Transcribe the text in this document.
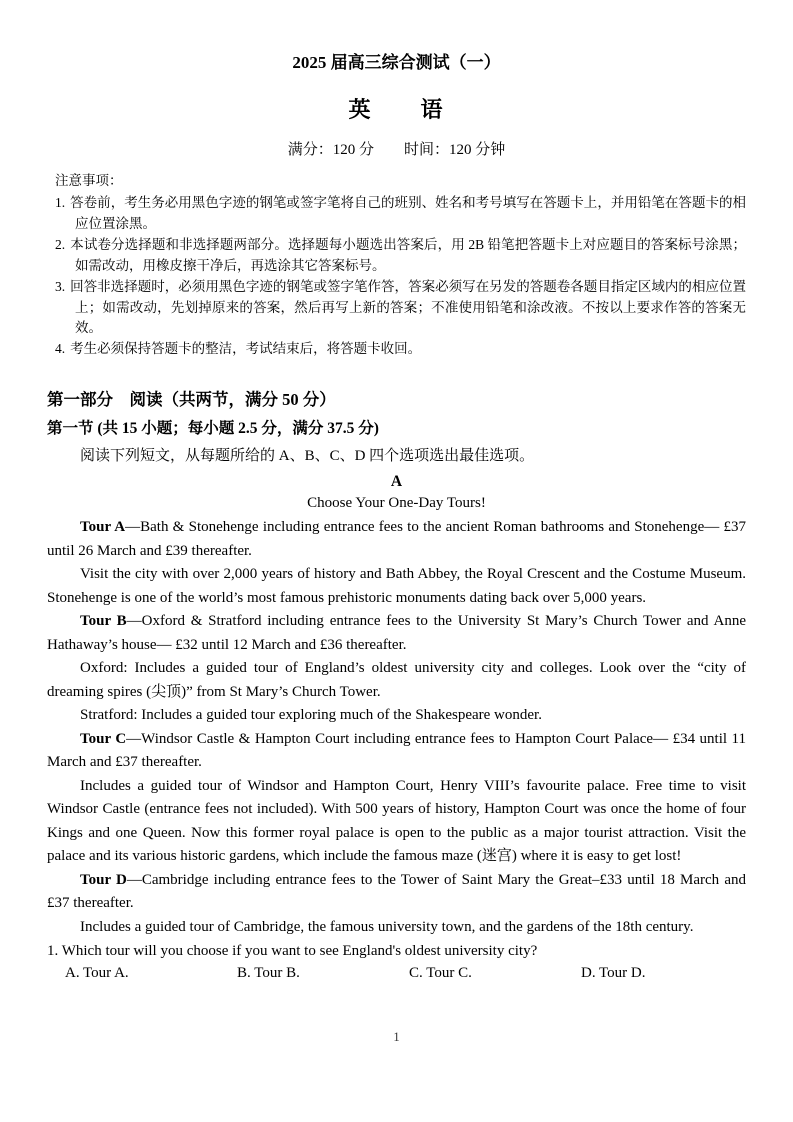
2025 届高三综合测试（一）
英　　语
满分：120 分　　时间：120 分钟
注意事项：
1. 答卷前，考生务必用黑色字迹的钢笔或签字笔将自己的班别、姓名和考号填写在答题卡上，并用铅笔在答题卡的相应位置涂黑。
2. 本试卷分选择题和非选择题两部分。选择题每小题选出答案后，用 2B 铅笔把答题卡上对应题目的答案标号涂黑；如需改动，用橡皮擦干净后，再选涂其它答案标号。
3. 回答非选择题时，必须用黑色字迹的钢笔或签字笔作答，答案必须写在另发的答题卷各题目指定区域内的相应位置上；如需改动，先划掉原来的答案，然后再写上新的答案；不准使用铅笔和涂改液。不按以上要求作答的答案无效。
4. 考生必须保持答题卡的整洁，考试结束后，将答题卡收回。
第一部分　阅读（共两节，满分 50 分）
第一节 (共 15 小题；每小题 2.5 分，满分 37.5 分)
阅读下列短文，从每题所给的 A、B、C、D 四个选项选出最佳选项。
A
Choose Your One-Day Tours!

Tour A—Bath & Stonehenge including entrance fees to the ancient Roman bathrooms and Stonehenge— £37 until 26 March and £39 thereafter.

Visit the city with over 2,000 years of history and Bath Abbey, the Royal Crescent and the Costume Museum. Stonehenge is one of the world’s most famous prehistoric monuments dating back over 5,000 years.

Tour B—Oxford & Stratford including entrance fees to the University St Mary’s Church Tower and Anne Hathaway’s house— £32 until 12 March and £36 thereafter.

Oxford: Includes a guided tour of England’s oldest university city and colleges. Look over the “city of dreaming spires (尖顶)” from St Mary’s Church Tower.

Stratford: Includes a guided tour exploring much of the Shakespeare wonder.

Tour C—Windsor Castle & Hampton Court including entrance fees to Hampton Court Palace— £34 until 11 March and £37 thereafter.

Includes a guided tour of Windsor and Hampton Court, Henry VIII’s favourite palace. Free time to visit Windsor Castle (entrance fees not included). With 500 years of history, Hampton Court was once the home of four Kings and one Queen. Now this former royal palace is open to the public as a major tourist attraction. Visit the palace and its various historic gardens, which include the famous maze (迷宫) where it is easy to get lost!

Tour D—Cambridge including entrance fees to the Tower of Saint Mary the Great–£33 until 18 March and £37 thereafter.

Includes a guided tour of Cambridge, the famous university town, and the gardens of the 18th century.

1. Which tour will you choose if you want to see England's oldest university city?
A. Tour A.	B. Tour B.	C. Tour C.	D. Tour D.
1
